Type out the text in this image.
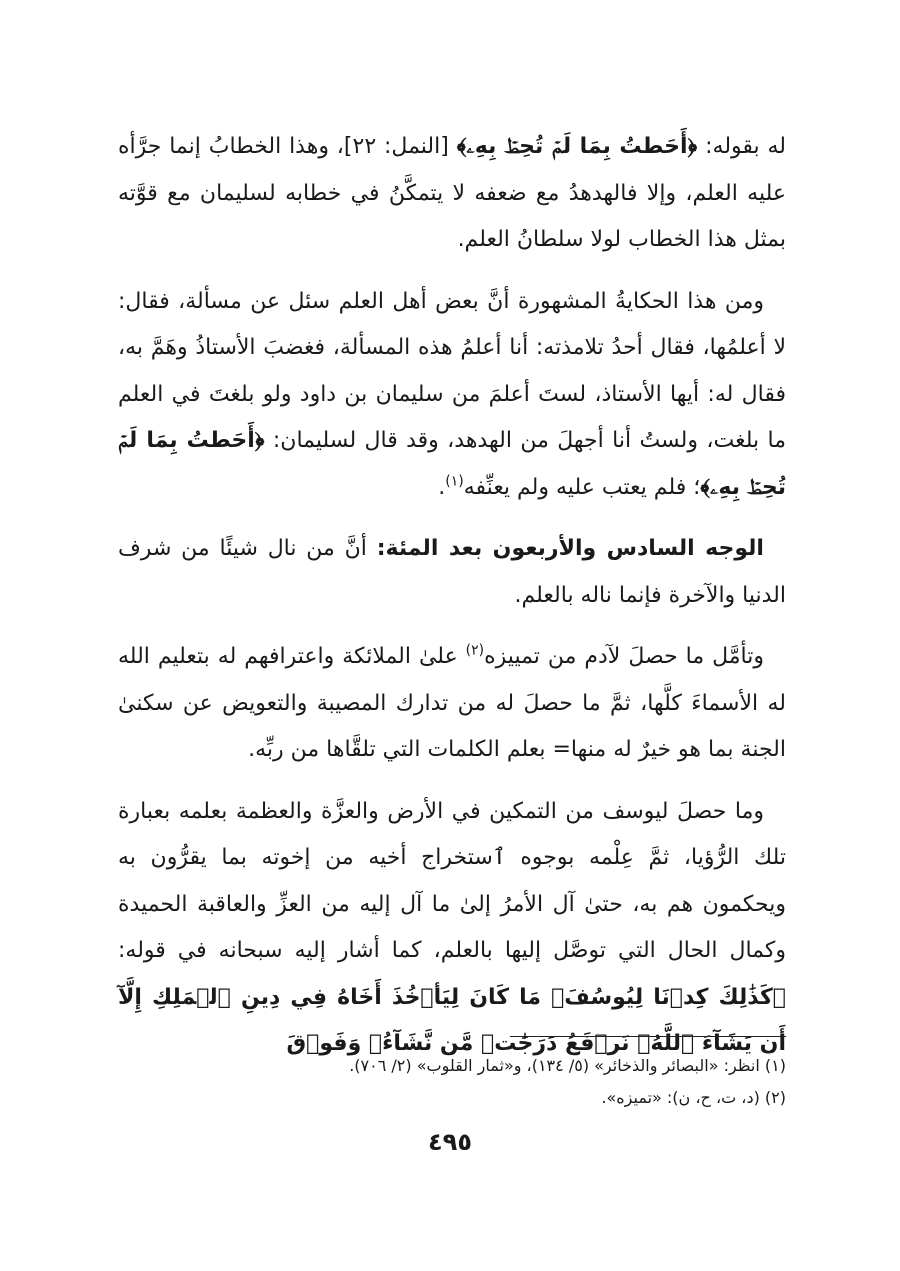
له بقوله: ﴿أَحَطتُ بِمَا لَمۡ تُحِطۡ بِهِۦ﴾ [النمل: ٢٢]، وهذا الخطابُ إنما جرَّأه عليه العلم، وإلا فالهدهدُ مع ضعفه لا يتمكَّنُ في خطابه لسليمان مع قوَّته بمثل هذا الخطاب لولا سلطانُ العلم.

ومن هذا الحكايةُ المشهورة أنَّ بعض أهل العلم سئل عن مسألة، فقال: لا أعلمُها، فقال أحدُ تلامذته: أنا أعلمُ هذه المسألة، فغضبَ الأستاذُ وهَمَّ به، فقال له: أيها الأستاذ، لستَ أعلمَ من سليمان بن داود ولو بلغتَ في العلم ما بلغت، ولستُ أنا أجهلَ من الهدهد، وقد قال لسليمان: ﴿أَحَطتُ بِمَا لَمۡ تُحِطۡ بِهِۦ﴾؛ فلم يعتب عليه ولم يعنِّفه$^{(١)}$.

الوجه السادس والأربعون بعد المئة: أنَّ من نال شيئًا من شرف الدنيا والآخرة فإنما ناله بالعلم.

وتأمَّل ما حصلَ لآدم من تمييزه$^{(٢)}$ علىٰ الملائكة واعترافهم له بتعليم الله له الأسماءَ كلَّها، ثمَّ ما حصلَ له من تدارك المصيبة والتعويض عن سكنىٰ الجنة بما هو خيرٌ له منها= بعلم الكلمات التي تلقَّاها من ربِّه.

وما حصلَ ليوسف من التمكين في الأرض والعزَّة والعظمة بعلمه بعبارة تلك الرُّؤيا، ثمَّ عِلْمه بوجوه ٱستخراج أخيه من إخوته بما يقرُّون به ويحكمون هم به، حتىٰ آل الأمرُ إلىٰ ما آل إليه من العزِّ والعاقبة الحميدة وكمال الحال التي توصَّل إليها بالعلم، كما أشار إليه سبحانه في قوله: ﴿كَذَٰلِكَ كِدۡنَا لِيُوسُفَۖ مَا كَانَ لِيَأۡخُذَ أَخَاهُ فِي دِينِ ٱلۡمَلِكِ إِلَّآ أَن يَشَآءَ ٱللَّهُۚ نَرۡفَعُ دَرَجَٰتٖ مَّن نَّشَآءُۗ وَفَوۡقَ

(١) انظر: «البصائر والذخائر» (٥/ ١٣٤)، و«ثمار القلوب» (٢/ ٧٠٦).

(٢) (د، ت، ح، ن): «تميزه».

٤٩٥
